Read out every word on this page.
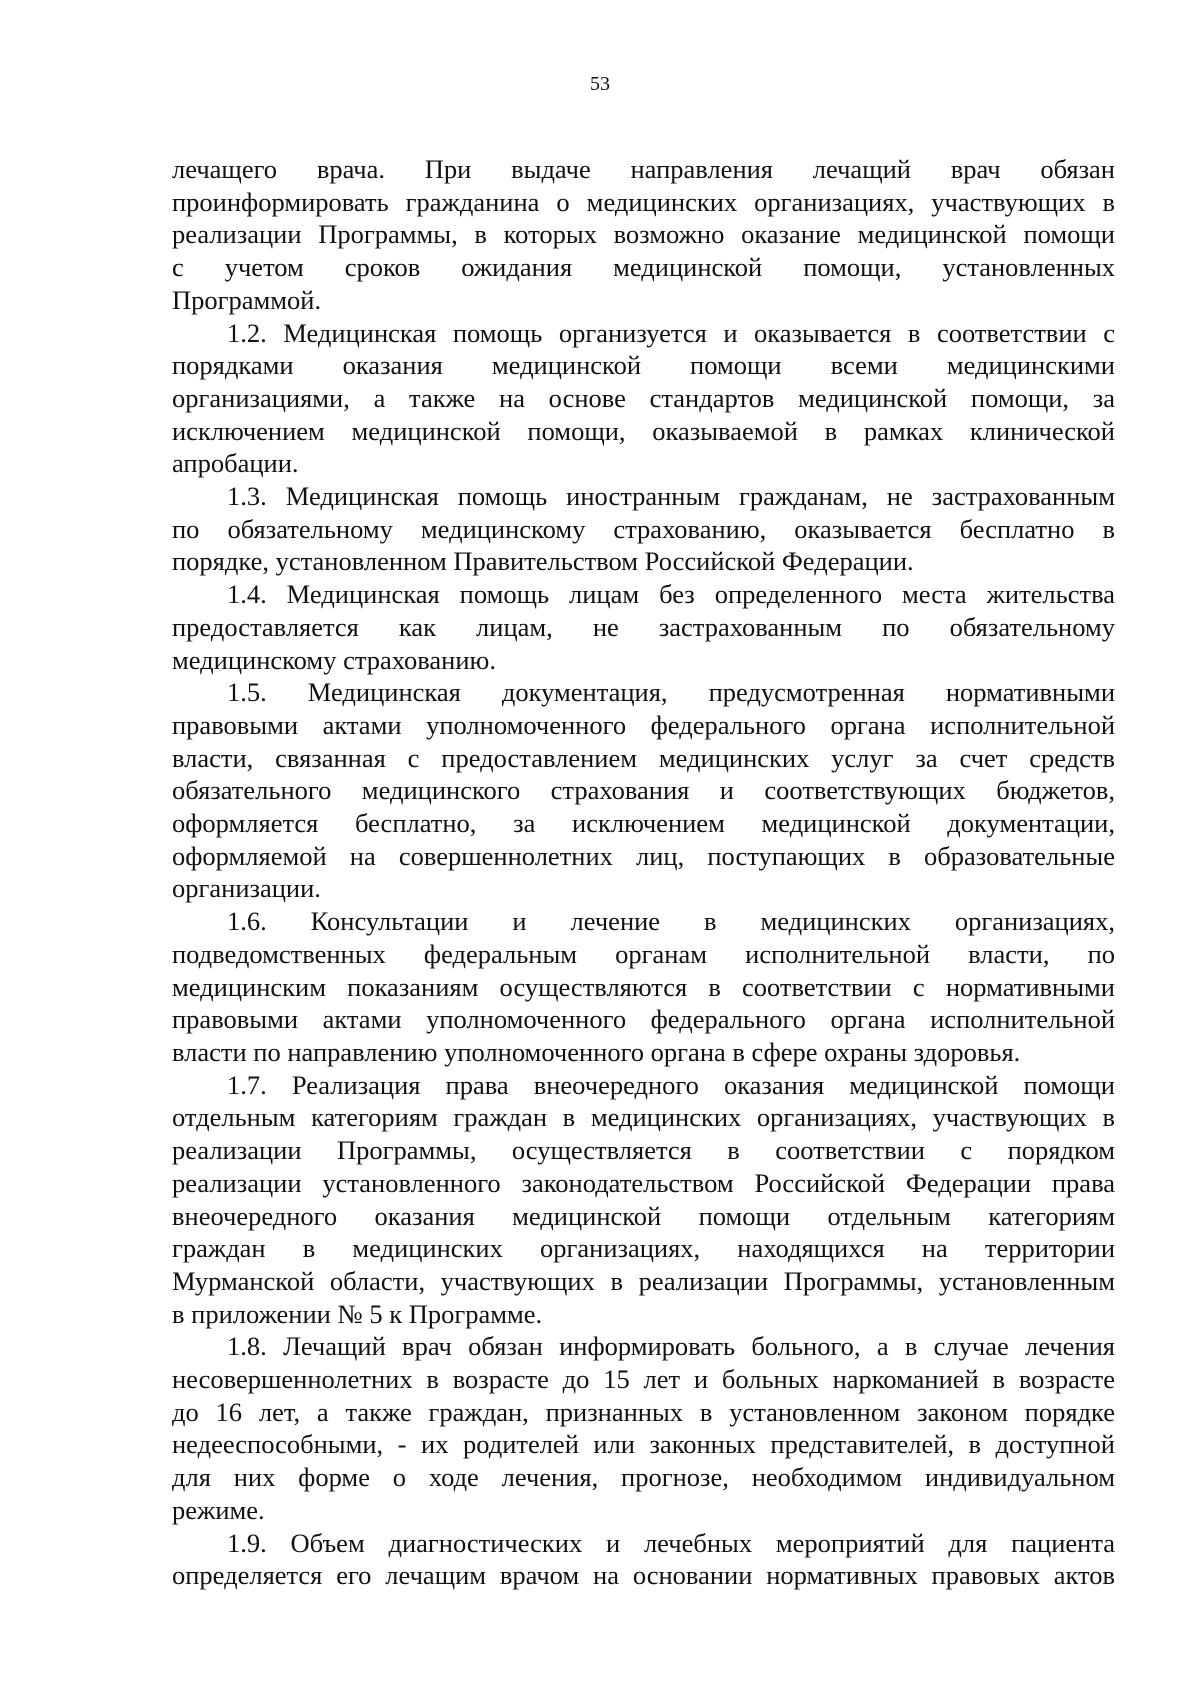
53
лечащего врача. При выдаче направления лечащий врач обязан
проинформировать гражданина о медицинских организациях, участвующих в
реализации Программы, в которых возможно оказание медицинской помощи
с учетом сроков ожидания медицинской помощи, установленных
Программой.
1.2. Медицинская помощь организуется и оказывается в соответствии с
порядками оказания медицинской помощи всеми медицинскими
организациями, а также на основе стандартов медицинской помощи, за
исключением медицинской помощи, оказываемой в рамках клинической
апробации.
1.3. Медицинская помощь иностранным гражданам, не застрахованным
по обязательному медицинскому страхованию, оказывается бесплатно в
порядке, установленном Правительством Российской Федерации.
1.4. Медицинская помощь лицам без определенного места жительства
предоставляется как лицам, не застрахованным по обязательному
медицинскому страхованию.
1.5. Медицинская документация, предусмотренная нормативными
правовыми актами уполномоченного федерального органа исполнительной
власти, связанная с предоставлением медицинских услуг за счет средств
обязательного медицинского страхования и соответствующих бюджетов,
оформляется бесплатно, за исключением медицинской документации,
оформляемой на совершеннолетних лиц, поступающих в образовательные
организации.
1.6. Консультации и лечение в медицинских организациях,
подведомственных федеральным органам исполнительной власти, по
медицинским показаниям осуществляются в соответствии с нормативными
правовыми актами уполномоченного федерального органа исполнительной
власти по направлению уполномоченного органа в сфере охраны здоровья.
1.7. Реализация права внеочередного оказания медицинской помощи
отдельным категориям граждан в медицинских организациях, участвующих в
реализации Программы, осуществляется в соответствии с порядком
реализации установленного законодательством Российской Федерации права
внеочередного оказания медицинской помощи отдельным категориям
граждан в медицинских организациях, находящихся на территории
Мурманской области, участвующих в реализации Программы, установленным
в приложении № 5 к Программе.
1.8. Лечащий врач обязан информировать больного, а в случае лечения
несовершеннолетних в возрасте до 15 лет и больных наркоманией в возрасте
до 16 лет, а также граждан, признанных в установленном законом порядке
недееспособными, - их родителей или законных представителей, в доступной
для них форме о ходе лечения, прогнозе, необходимом индивидуальном
режиме.
1.9. Объем диагностических и лечебных мероприятий для пациента
определяется его лечащим врачом на основании нормативных правовых актов
